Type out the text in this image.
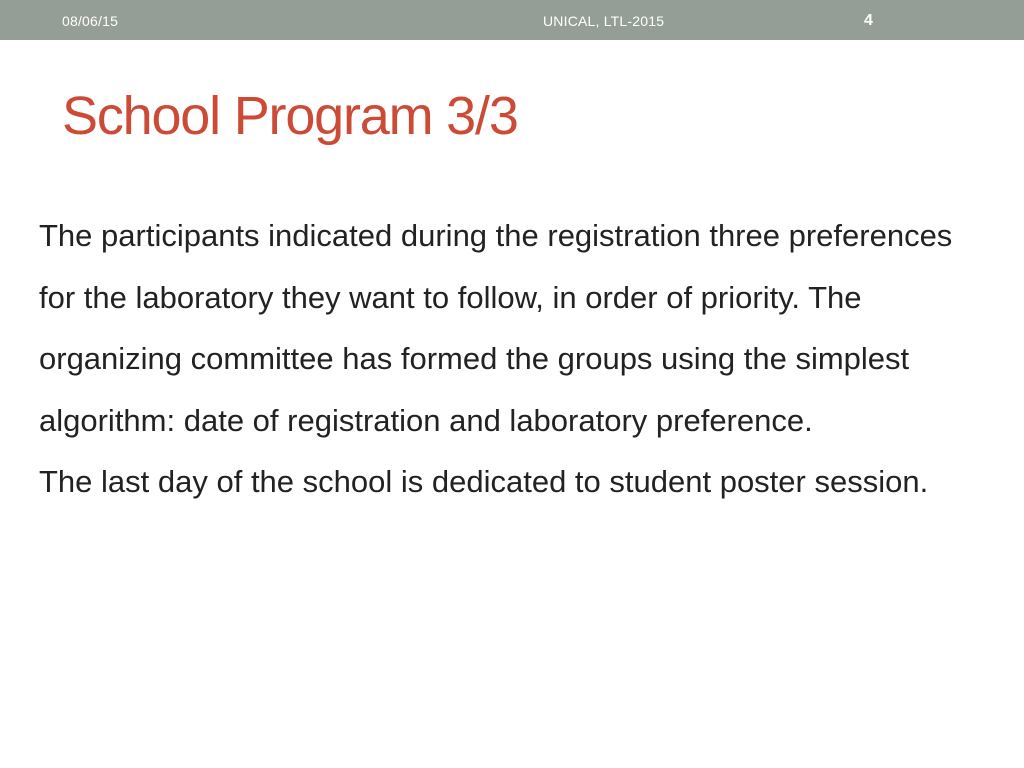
08/06/15	UNICAL, LTL-2015	4
School Program 3/3

The participants indicated during the registration three preferences for the laboratory they want to follow, in order of priority. The organizing committee has formed the groups using the simplest algorithm: date of registration and laboratory preference.

The last day of the school is dedicated to student poster session.
